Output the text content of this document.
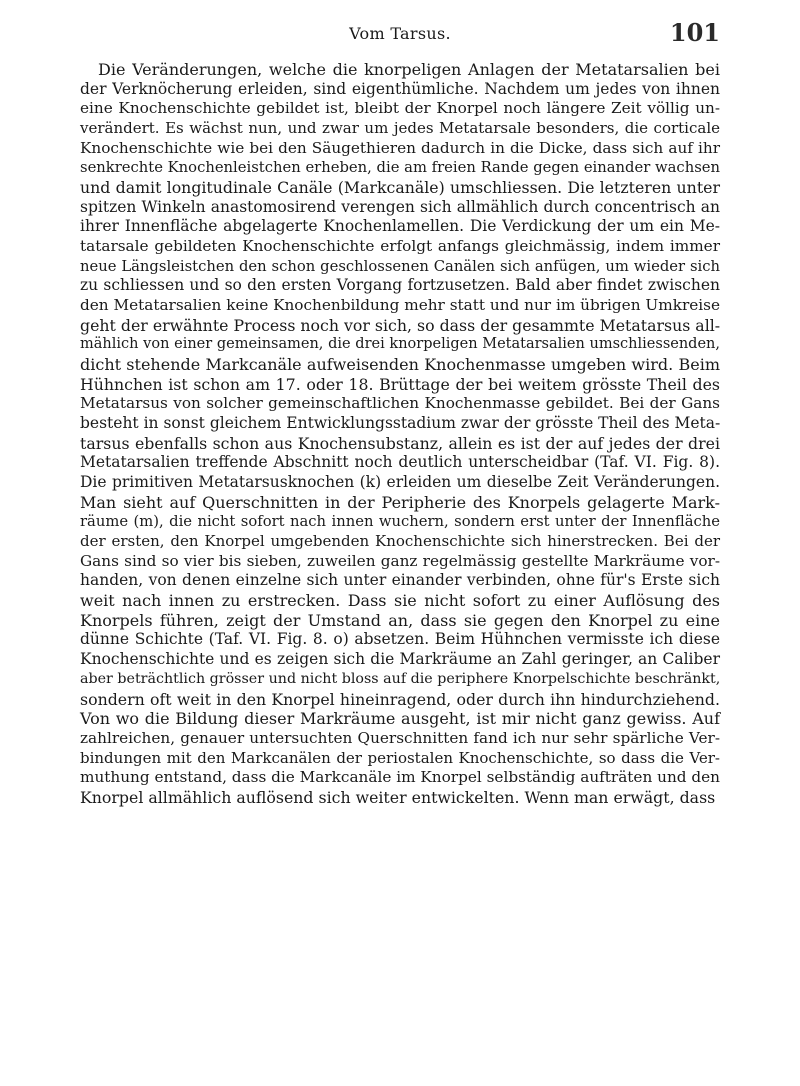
Vom Tarsus.	101
Die Veränderungen, welche die knorpeligen Anlagen der Metatarsalien bei
der Verknöcherung erleiden, sind eigenthümliche. Nachdem um jedes von ihnen
eine Knochenschichte gebildet ist, bleibt der Knorpel noch längere Zeit völlig un-
verändert. Es wächst nun, und zwar um jedes Metatarsale besonders, die corticale
Knochenschichte wie bei den Säugethieren dadurch in die Dicke, dass sich auf ihr
senkrechte Knochenleistchen erheben, die am freien Rande gegen einander wachsen
und damit longitudinale Canäle (Markcanäle) umschliessen. Die letzteren unter
spitzen Winkeln anastomosirend verengen sich allmählich durch concentrisch an
ihrer Innenfläche abgelagerte Knochenlamellen. Die Verdickung der um ein Me-
tatarsale gebildeten Knochenschichte erfolgt anfangs gleichmässig, indem immer
neue Längsleistchen den schon geschlossenen Canälen sich anfügen, um wieder sich
zu schliessen und so den ersten Vorgang fortzusetzen. Bald aber findet zwischen
den Metatarsalien keine Knochenbildung mehr statt und nur im übrigen Umkreise
geht der erwähnte Process noch vor sich, so dass der gesammte Metatarsus all-
mählich von einer gemeinsamen, die drei knorpeligen Metatarsalien umschliessenden,
dicht stehende Markcanäle aufweisenden Knochenmasse umgeben wird. Beim
Hühnchen ist schon am 17. oder 18. Brüttage der bei weitem grösste Theil des
Metatarsus von solcher gemeinschaftlichen Knochenmasse gebildet. Bei der Gans
besteht in sonst gleichem Entwicklungsstadium zwar der grösste Theil des Meta-
tarsus ebenfalls schon aus Knochensubstanz, allein es ist der auf jedes der drei
Metatarsalien treffende Abschnitt noch deutlich unterscheidbar (Taf. VI. Fig. 8).
Die primitiven Metatarsusknochen (k) erleiden um dieselbe Zeit Veränderungen.
Man sieht auf Querschnitten in der Peripherie des Knorpels gelagerte Mark-
räume (m), die nicht sofort nach innen wuchern, sondern erst unter der Innenfläche
der ersten, den Knorpel umgebenden Knochenschichte sich hinerstrecken. Bei der
Gans sind so vier bis sieben, zuweilen ganz regelmässig gestellte Markräume vor-
handen, von denen einzelne sich unter einander verbinden, ohne für's Erste sich
weit nach innen zu erstrecken. Dass sie nicht sofort zu einer Auflösung des
Knorpels führen, zeigt der Umstand an, dass sie gegen den Knorpel zu eine
dünne Schichte (Taf. VI. Fig. 8. o) absetzen. Beim Hühnchen vermisste ich diese
Knochenschichte und es zeigen sich die Markräume an Zahl geringer, an Caliber
aber beträchtlich grösser und nicht bloss auf die periphere Knorpelschichte beschränkt,
sondern oft weit in den Knorpel hineinragend, oder durch ihn hindurchziehend.
Von wo die Bildung dieser Markräume ausgeht, ist mir nicht ganz gewiss. Auf
zahlreichen, genauer untersuchten Querschnitten fand ich nur sehr spärliche Ver-
bindungen mit den Markcanälen der periostalen Knochenschichte, so dass die Ver-
muthung entstand, dass die Markcanäle im Knorpel selbständig aufträten und den
Knorpel allmählich auflösend sich weiter entwickelten. Wenn man erwägt, dass
